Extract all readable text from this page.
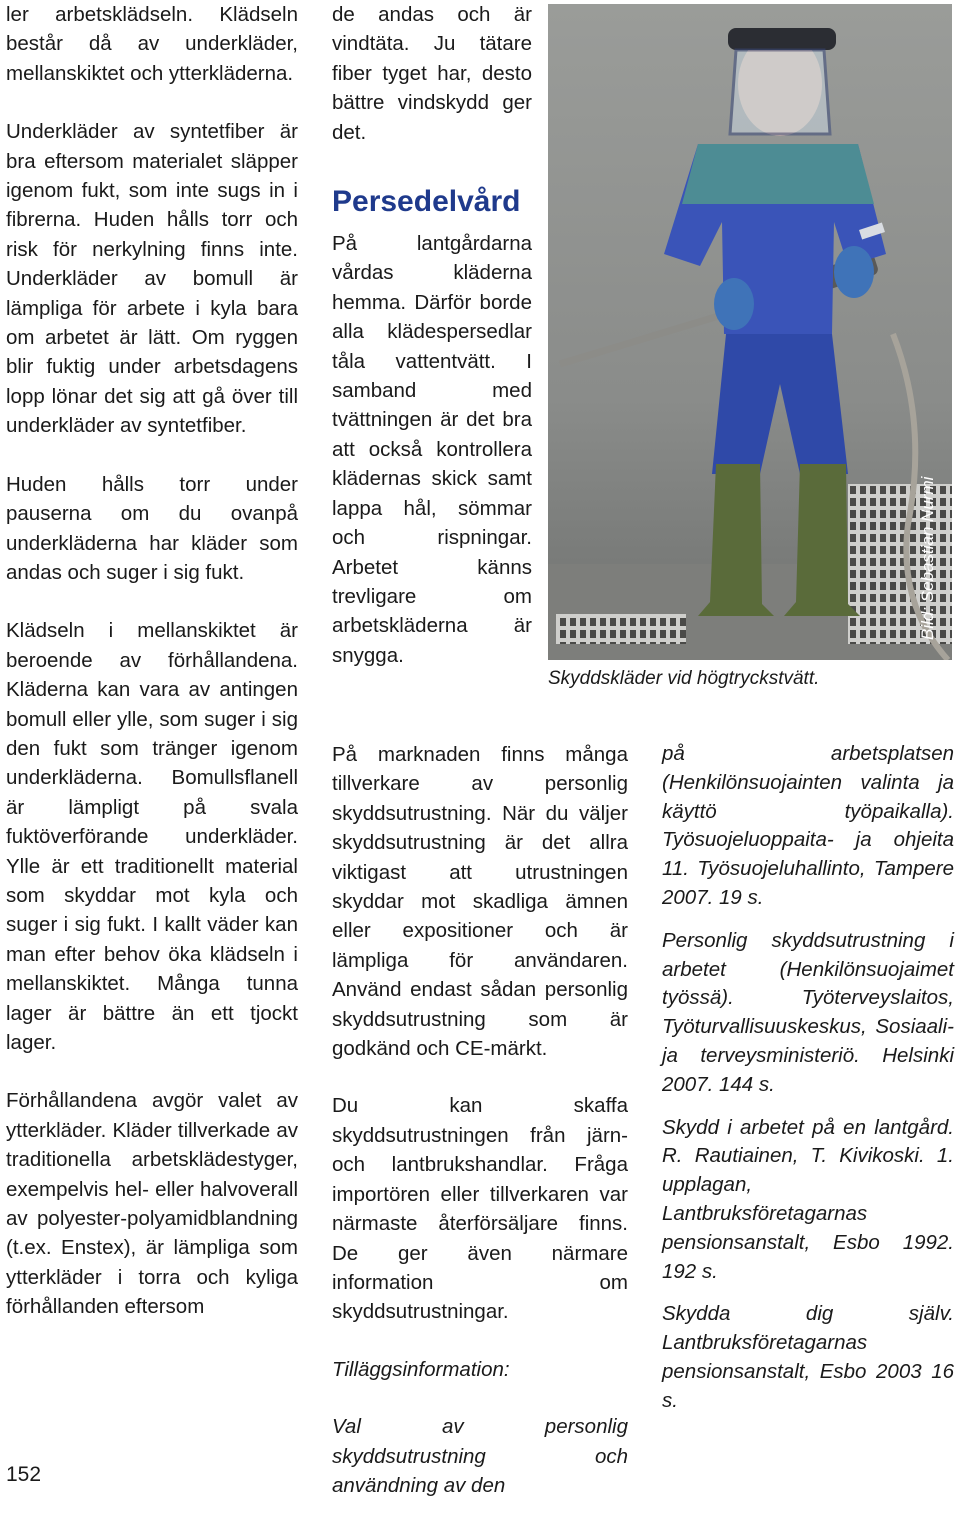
ler arbetsklädseln. Klädseln består då av underkläder, mellanskiktet och ytterkläderna.

Underkläder av syntetfiber är bra eftersom materialet släpper igenom fukt, som inte sugs in i fibrerna. Huden hålls torr och risk för nerkylning finns inte. Underkläder av bomull är lämpliga för arbete i kyla bara om arbetet är lätt. Om ryggen blir fuktig under arbetsdagens lopp lönar det sig att gå över till underkläder av syntetfiber.

Huden hålls torr under pauserna om du ovanpå underkläderna har kläder som andas och suger i sig fukt.

Klädseln i mellanskiktet är beroende av förhållandena. Kläderna kan vara av antingen bomull eller ylle, som suger i sig den fukt som tränger igenom underkläderna. Bomullsflanell är lämpligt på svala fuktöverförande underkläder. Ylle är ett traditionellt material som skyddar mot kyla och suger i sig fukt. I kallt väder kan man efter behov öka klädseln i mellanskiktet. Många tunna lager är bättre än ett tjockt lager.

Förhållandena avgör valet av ytterkläder. Kläder tillverkade av traditionella arbetsklädestyger, exempelvis hel- eller halvoverall av polyester-polyamidblandning (t.ex. Enstex), är lämpliga som ytterkläder i torra och kyliga förhållanden eftersom

de andas och är vindtäta. Ju tätare fiber tyget har, desto bättre vindskydd ger det.

Persedelvård

På lantgårdarna vårdas kläderna hemma. Därför borde alla klädespersedlar tåla vattentvätt. I samband med tvättningen är det bra att också kontrollera klädernas skick samt lappa hål, sömmar och rispningar. Arbetet känns trevligare om arbetskläderna är snygga.

Bild: Sebastian Nurmi
Skyddskläder vid högtryckstvätt.

På marknaden finns många tillverkare av personlig skyddsutrustning. När du väljer skyddsutrustning är det allra viktigast att utrustningen skyddar mot skadliga ämnen eller expositioner och är lämpliga för användaren. Använd endast sådan personlig skyddsutrustning som är godkänd och CE-märkt.

Du kan skaffa skyddsutrustningen från järn- och lantbrukshandlar. Fråga importören eller tillverkaren var närmaste återförsäljare finns. De ger även närmare information om skyddsutrustningar.

Tilläggsinformation:

Val av personlig skyddsutrustning och användning av den

på arbetsplatsen (Henkilönsuojainten valinta ja käyttö työpaikalla). Työsuojeluoppaita- ja ohjeita 11. Työsuojeluhallinto, Tampere 2007. 19 s.

Personlig skyddsutrustning i arbetet (Henkilönsuojaimet työssä). Työterveyslaitos, Työturvallisuuskeskus, Sosiaali- ja terveysministeriö. Helsinki 2007. 144 s.

Skydd i arbetet på en lantgård. R. Rautiainen, T. Kivikoski. 1. upplagan, Lantbruksföretagarnas pensionsanstalt, Esbo 1992. 192 s.

Skydda dig själv. Lantbruksföretagarnas pensionsanstalt, Esbo 2003 16 s.

152
